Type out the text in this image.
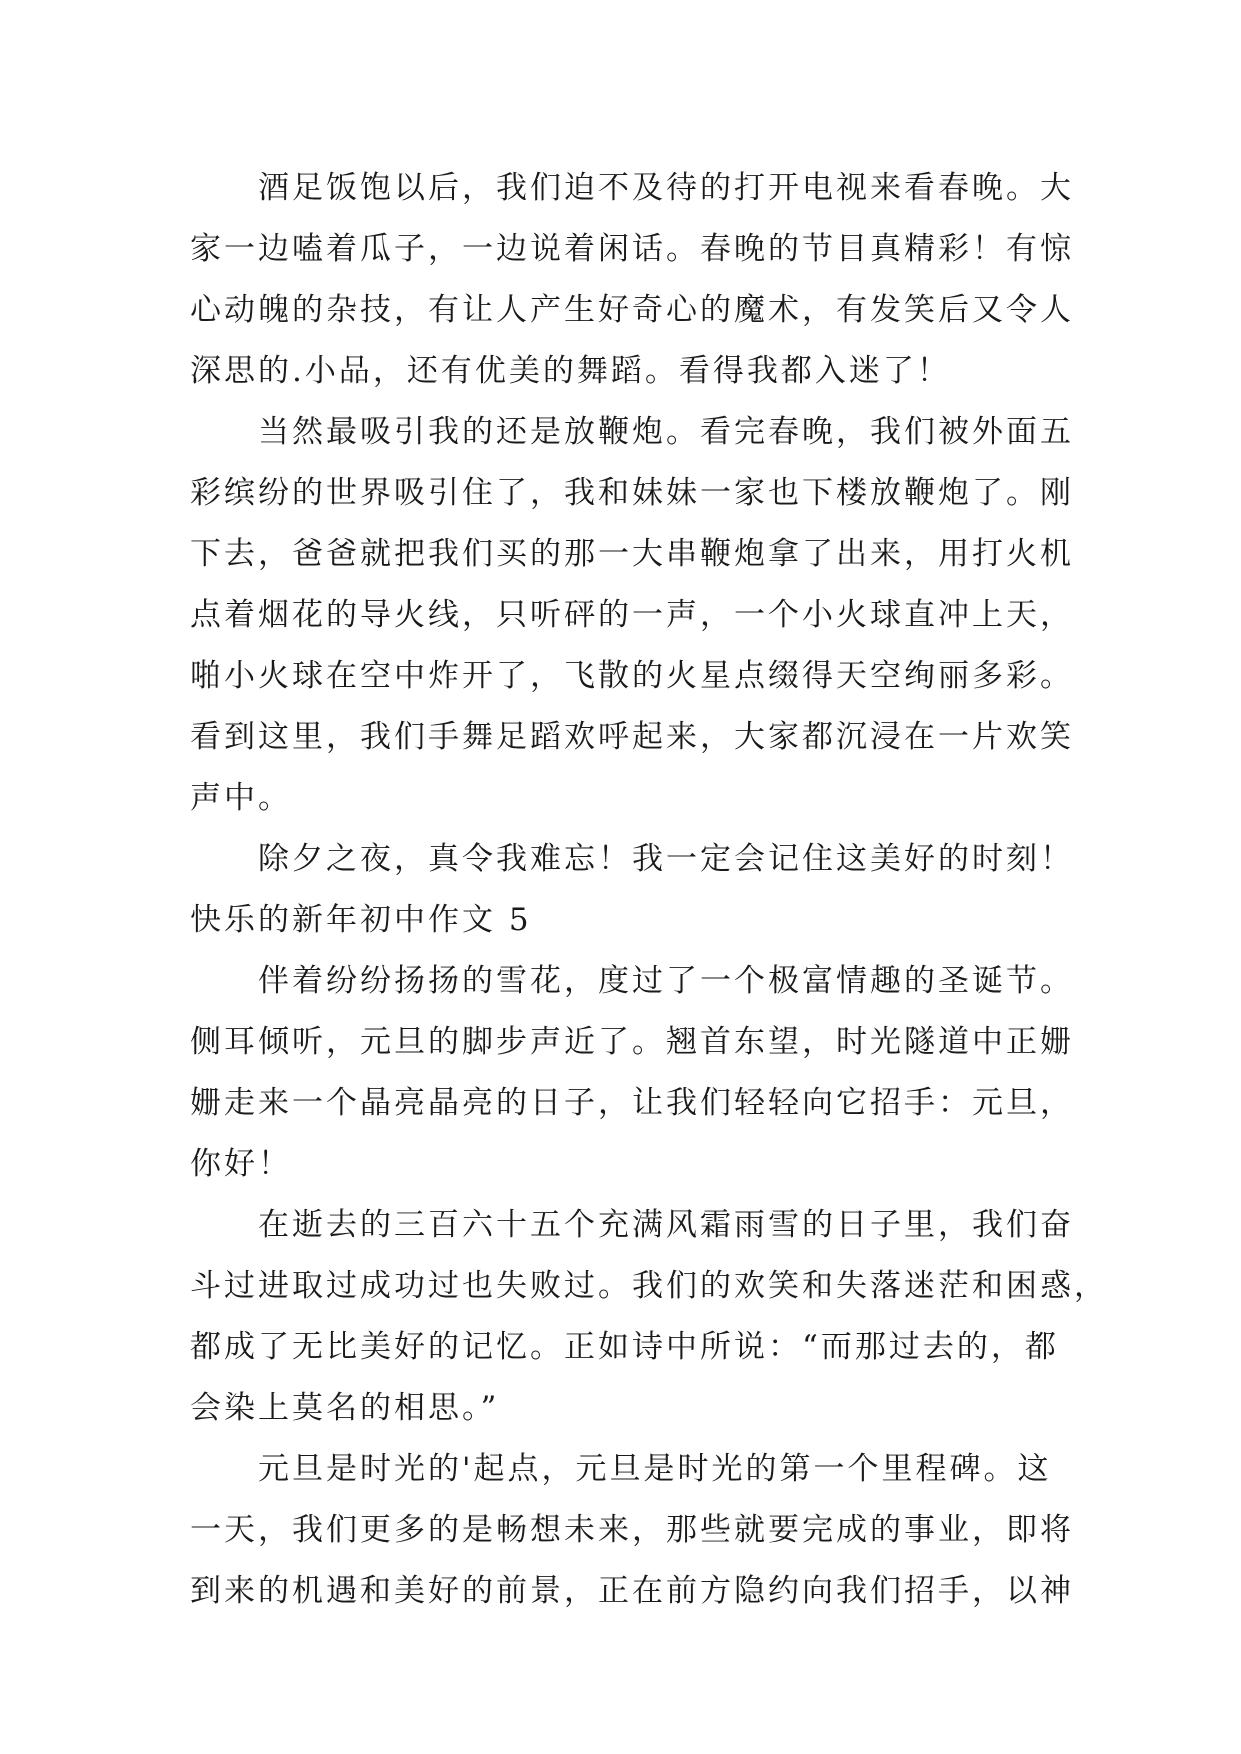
酒足饭饱以后，我们迫不及待的打开电视来看春晚。大
家一边嗑着瓜子，一边说着闲话。春晚的节目真精彩！有惊
心动魄的杂技，有让人产生好奇心的魔术，有发笑后又令人
深思的.小品，还有优美的舞蹈。看得我都入迷了！
当然最吸引我的还是放鞭炮。看完春晚，我们被外面五
彩缤纷的世界吸引住了，我和妹妹一家也下楼放鞭炮了。刚
下去，爸爸就把我们买的那一大串鞭炮拿了出来，用打火机
点着烟花的导火线，只听砰的一声，一个小火球直冲上天，
啪小火球在空中炸开了，飞散的火星点缀得天空绚丽多彩。
看到这里，我们手舞足蹈欢呼起来，大家都沉浸在一片欢笑
声中。
除夕之夜，真令我难忘！我一定会记住这美好的时刻！
快乐的新年初中作文 5
伴着纷纷扬扬的雪花，度过了一个极富情趣的圣诞节。
侧耳倾听，元旦的脚步声近了。翘首东望，时光隧道中正姗
姗走来一个晶亮晶亮的日子，让我们轻轻向它招手：元旦，
你好！
在逝去的三百六十五个充满风霜雨雪的日子里，我们奋
斗过进取过成功过也失败过。我们的欢笑和失落迷茫和困惑，
都成了无比美好的记忆。正如诗中所说：“而那过去的，都
会染上莫名的相思。”
元旦是时光的'起点，元旦是时光的第一个里程碑。这
一天，我们更多的是畅想未来，那些就要完成的事业，即将
到来的机遇和美好的前景，正在前方隐约向我们招手，以神
